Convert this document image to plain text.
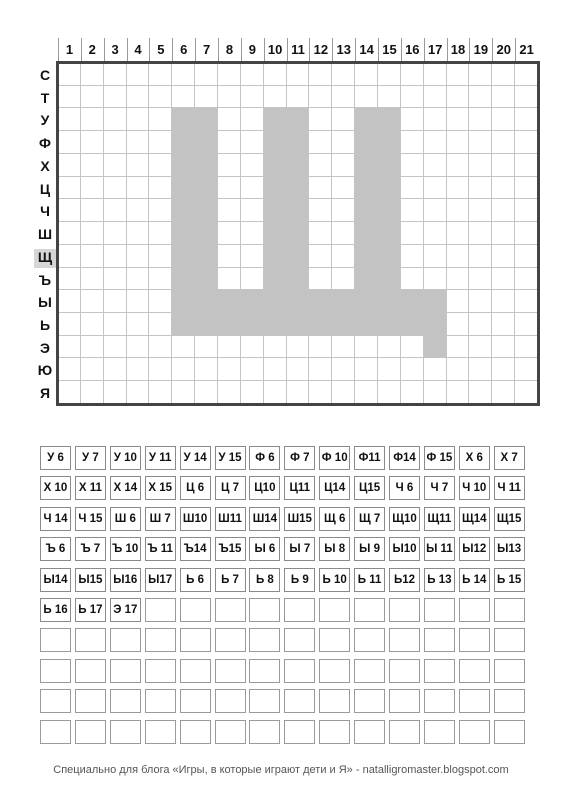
1	2	3	4	5	6	7	8	9 10 11 12 13 14 15 16 17 18 19 20 21
С
Т
У
Ф
Х
Ц
Ч
Ш
Щ
Ъ
Ы
Ь
Э
Ю
Я
У 6	У 7	У 10	У 11	У 14	У 15	Ф 6	Ф 7	Ф 10 Ф11	Ф14 Ф 15	Х 6	Х 7
Х 10	Х 11	Х 14 Х 15	Ц 6	Ц 7	Ц10	Ц11	Ц14	Ц15	Ч 6	Ч 7	Ч 10 Ч 11
Ч 14 Ч 15	Ш 6	Ш 7	Ш10 Ш11 Ш14 Ш15	Щ 6	Щ 7	Щ10 Щ11 Щ14 Щ15
Ъ 6	Ъ 7	Ъ 10 Ъ 11 Ъ14	Ъ15	Ы 6	Ы 7	Ы 8	Ы 9	Ы10 Ы 11 Ы12 Ы13
Ы14 Ы15 Ы16 Ы17	Ь 6	Ь 7	Ь 8	Ь 9	Ь 10 Ь 11	Ь12	Ь 13 Ь 14 Ь 15
Ь 16 Ь 17 Э 17
Специально для блога «Игры, в которые играют дети и Я» - natalligromaster.blogspot.com
